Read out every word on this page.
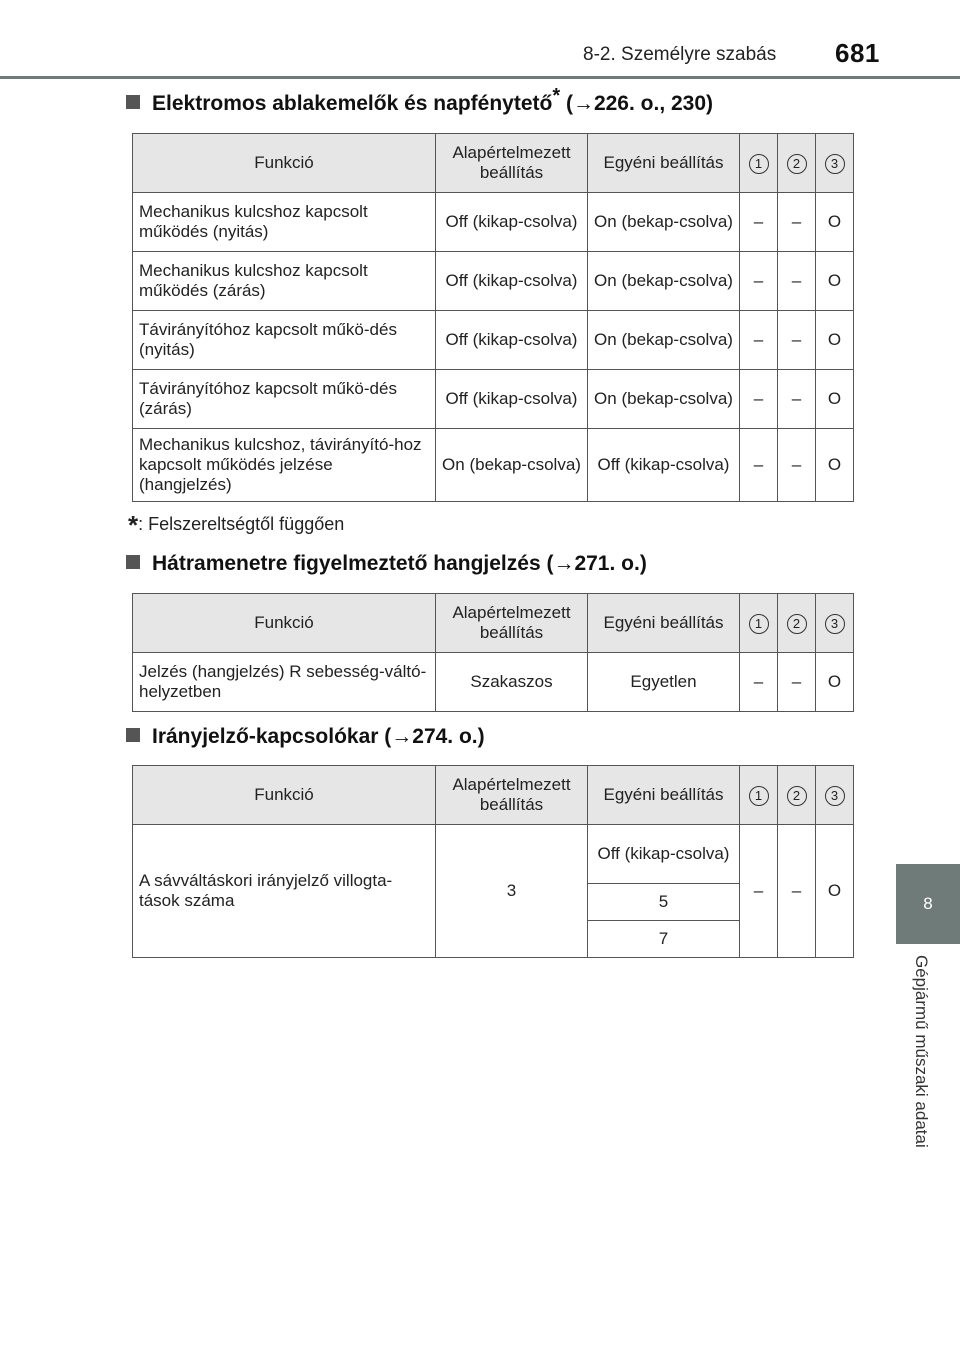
8-2. Személyre szabás 681
8
Gépjármű műszaki adatai
Elektromos ablakemelők és napfénytető* (→226. o., 230)
Funkció	Alapértelmezett beállítás	Egyéni beállítás	1	2	3
Mechanikus kulcshoz kapcsolt működés (nyitás)	Off (kikap-csolva)	On (bekap-csolva)	–	–	O
Mechanikus kulcshoz kapcsolt működés (zárás)	Off (kikap-csolva)	On (bekap-csolva)	–	–	O
Távirányítóhoz kapcsolt műkö-dés (nyitás)	Off (kikap-csolva)	On (bekap-csolva)	–	–	O
Távirányítóhoz kapcsolt műkö-dés (zárás)	Off (kikap-csolva)	On (bekap-csolva)	–	–	O
Mechanikus kulcshoz, távirányító-hoz kapcsolt működés jelzése (hangjelzés)	On (bekap-csolva)	Off (kikap-csolva)	–	–	O
*: Felszereltségtől függően
Hátramenetre figyelmeztető hangjelzés (→271. o.)
Funkció	Alapértelmezett beállítás	Egyéni beállítás	1	2	3
Jelzés (hangjelzés) R sebesség-váltó-helyzetben	Szakaszos	Egyetlen	–	–	O
Irányjelző-kapcsolókar (→274. o.)
Funkció	Alapértelmezett beállítás	Egyéni beállítás	1	2	3
A sávváltáskori irányjelző villogta-tások száma	3	Off (kikap-csolva)	–	–	O
		5			
		7			
